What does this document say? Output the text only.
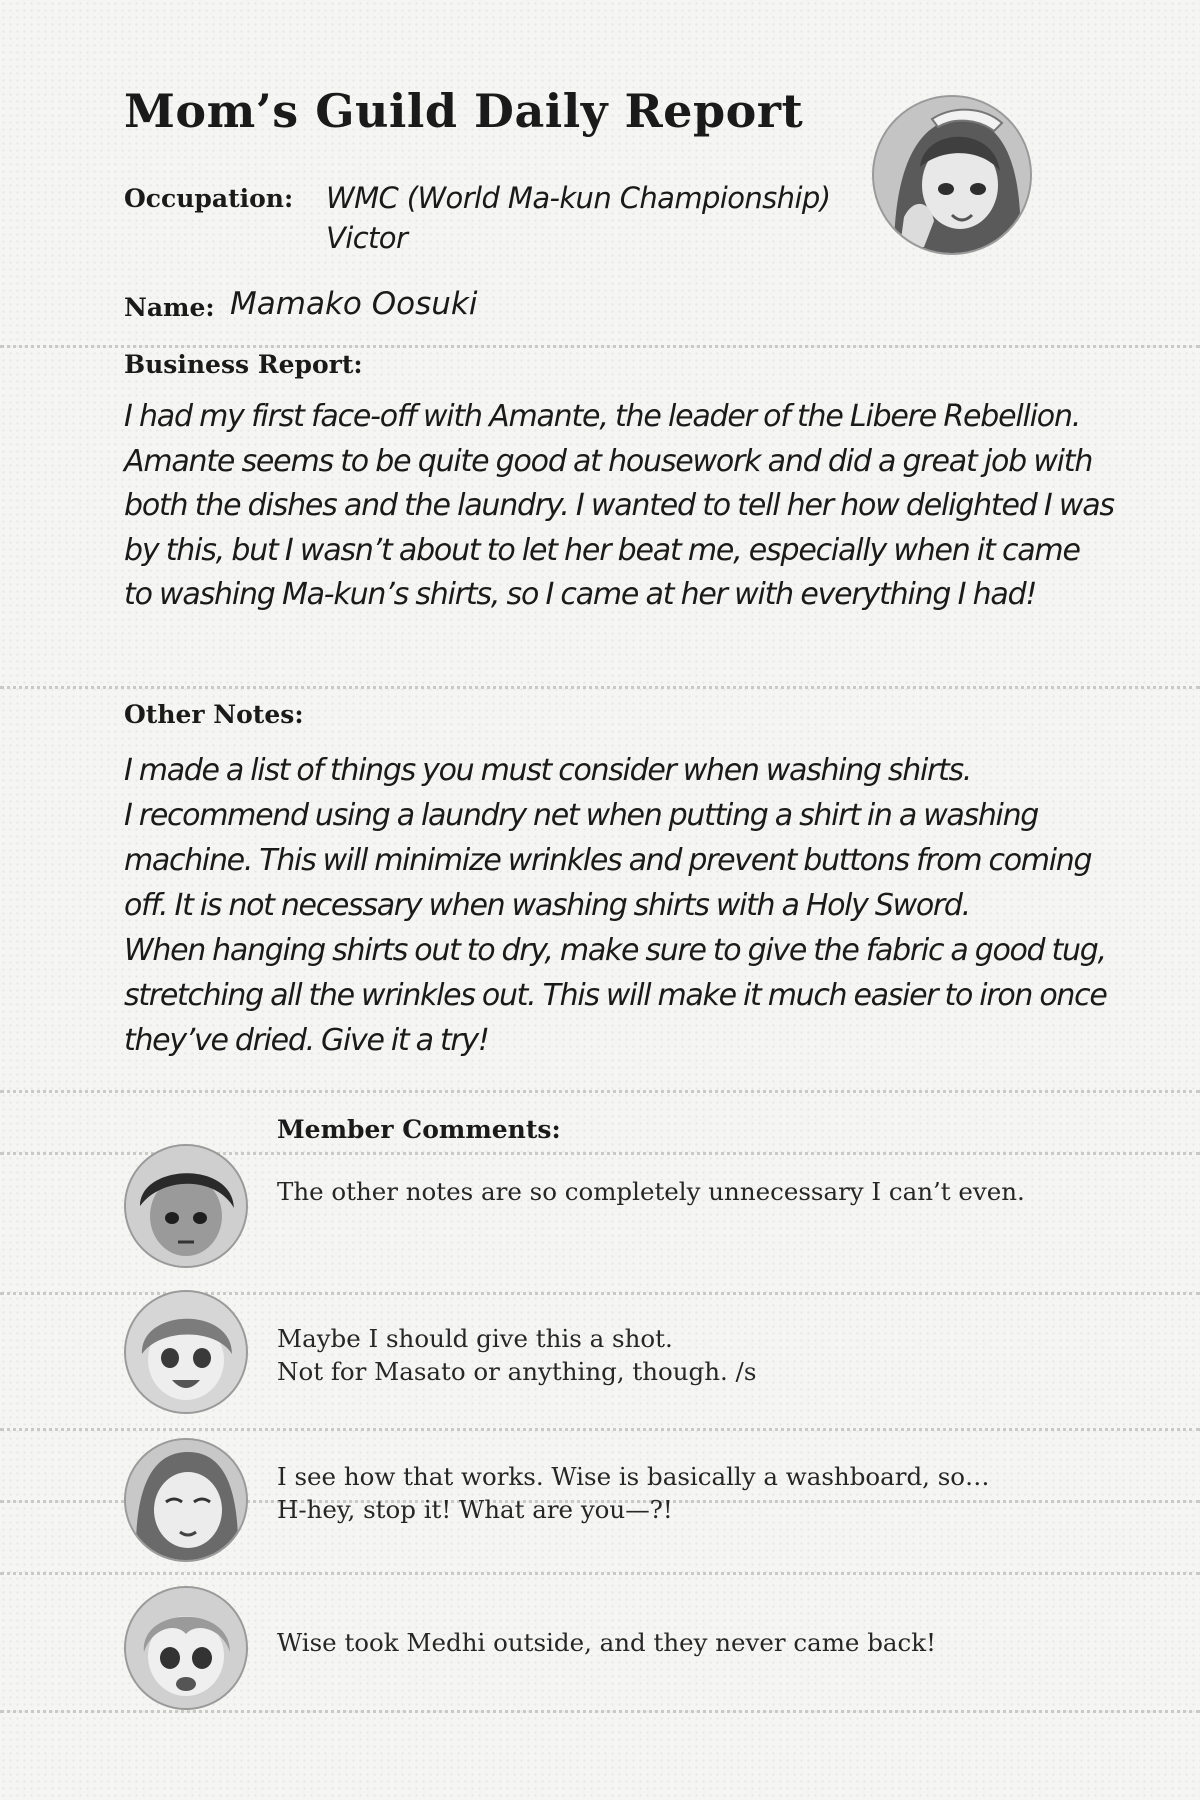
Mom’s Guild Daily Report
Occupation: WMC (World Ma-kun Championship) Victor
Name: Mamako Oosuki
Business Report:
I had my first face-off with Amante, the leader of the Libere Rebellion. Amante seems to be quite good at housework and did a great job with both the dishes and the laundry. I wanted to tell her how delighted I was by this, but I wasn’t about to let her beat me, especially when it came to washing Ma-kun’s shirts, so I came at her with everything I had!
Other Notes:

I made a list of things you must consider when washing shirts.

I recommend using a laundry net when putting a shirt in a washing machine. This will minimize wrinkles and prevent buttons from coming off. It is not necessary when washing shirts with a Holy Sword.

When hanging shirts out to dry, make sure to give the fabric a good tug, stretching all the wrinkles out. This will make it much easier to iron once they’ve dried. Give it a try!

Member Comments:
The other notes are so completely unnecessary I can’t even.
Maybe I should give this a shot.
Not for Masato or anything, though. /s
I see how that works. Wise is basically a washboard, so…
H-hey, stop it! What are you—?!
Wise took Medhi outside, and they never came back!
